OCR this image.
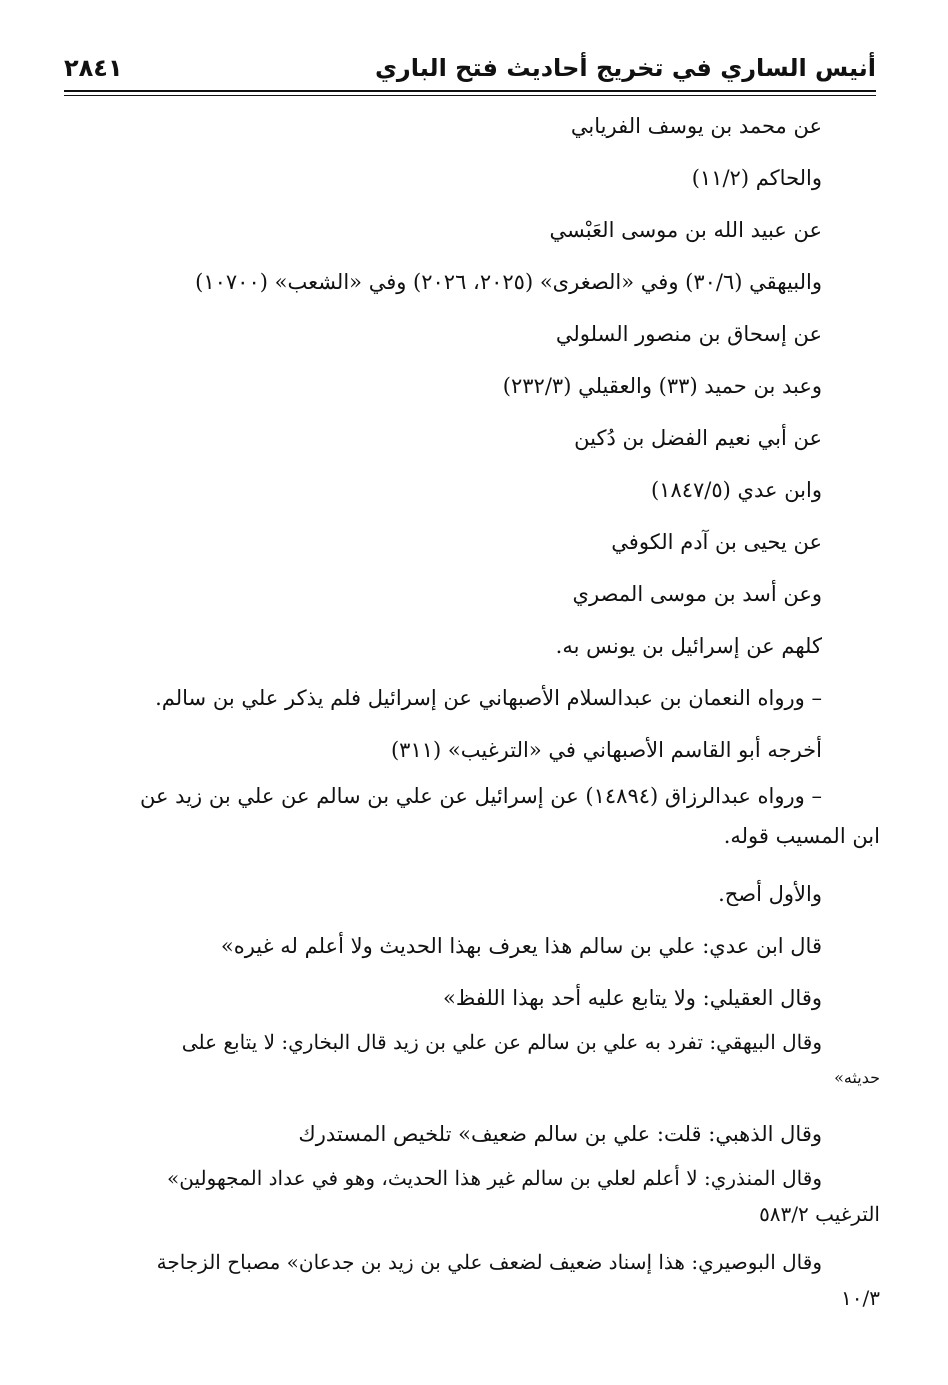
أنيس الساري في تخريج أحاديث فتح الباري
٢٨٤١
عن محمد بن يوسف الفريابي
والحاكم (١١/٢)
عن عبيد الله بن موسى العَبْسي
والبيهقي (٣٠/٦) وفي «الصغرى» (٢٠٢٥، ٢٠٢٦) وفي «الشعب» (١٠٧٠٠)
عن إسحاق بن منصور السلولي
وعبد بن حميد (٣٣) والعقيلي (٢٣٢/٣)
عن أبي نعيم الفضل بن دُكين
وابن عدي (١٨٤٧/٥)
عن يحيى بن آدم الكوفي
وعن أسد بن موسى المصري
كلهم عن إسرائيل بن يونس به.
– ورواه النعمان بن عبدالسلام الأصبهاني عن إسرائيل فلم يذكر علي بن سالم.
أخرجه أبو القاسم الأصبهاني في «الترغيب» (٣١١)
– ورواه عبدالرزاق (١٤٨٩٤) عن إسرائيل عن علي بن سالم عن علي بن زيد عن
ابن المسيب قوله.
والأول أصح.
قال ابن عدي: علي بن سالم هذا يعرف بهذا الحديث ولا أعلم له غيره»
وقال العقيلي: ولا يتابع عليه أحد بهذا اللفظ»
وقال البيهقي: تفرد به علي بن سالم عن علي بن زيد قال البخاري: لا يتابع على
حديثه»
وقال الذهبي: قلت: علي بن سالم ضعيف» تلخيص المستدرك
وقال المنذري: لا أعلم لعلي بن سالم غير هذا الحديث، وهو في عداد المجهولين»
الترغيب ٥٨٣/٢
وقال البوصيري: هذا إسناد ضعيف لضعف علي بن زيد بن جدعان» مصباح الزجاجة
١٠/٣
